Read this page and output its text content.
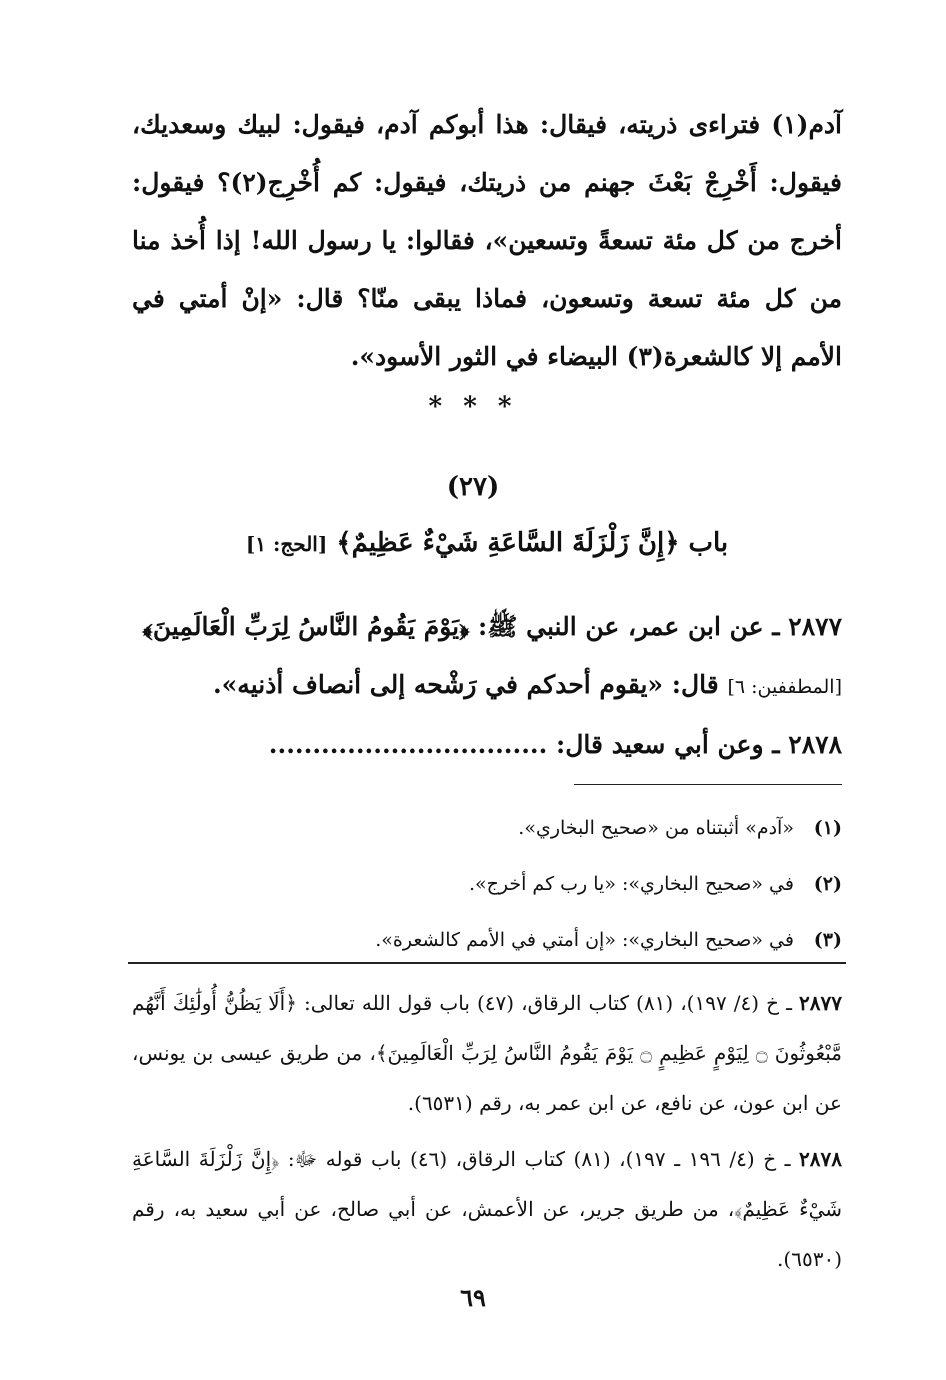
آدم(١) فتراءى ذريته، فيقال: هذا أبوكم آدم، فيقول: لبيك وسعديك، فيقول: أَخْرِجْ بَعْثَ جهنم من ذريتك، فيقول: كم أُخْرِج(٢)؟ فيقول: أخرج من كل مئة تسعةً وتسعين»، فقالوا: يا رسول الله! إذا أُخذ منا من كل مئة تسعة وتسعون، فماذا يبقى منّا؟ قال: «إنْ أمتي في الأمم إلا كالشعرة(٣) البيضاء في الثور الأسود».

* * *
(٢٧)
باب ﴿إِنَّ زَلْزَلَةَ السَّاعَةِ شَيْءٌ عَظِيمٌ﴾ [الحج: ١]

٢٨٧٧ ـ عن ابن عمر، عن النبي ﷺ: ﴿يَوْمَ يَقُومُ النَّاسُ لِرَبِّ الْعَالَمِينَ﴾

[المطففين: ٦] قال: «يقوم أحدكم في رَشْحه إلى أنصاف أذنيه».

٢٨٧٨ ـ وعن أبي سعيد قال: ................................

(١) «آدم» أثبتناه من «صحيح البخاري».

(٢) في «صحيح البخاري»: «يا رب كم أخرج».

(٣) في «صحيح البخاري»: «إن أمتي في الأمم كالشعرة».

٢٨٧٧ ـ خ (٤/ ١٩٧)، (٨١) كتاب الرقاق، (٤٧) باب قول الله تعالى: ﴿أَلَا يَظُنُّ أُولَٰئِكَ أَنَّهُم مَّبْعُوثُونَ ۝ لِيَوْمٍ عَظِيمٍ ۝ يَوْمَ يَقُومُ النَّاسُ لِرَبِّ الْعَالَمِينَ﴾، من طريق عيسى بن يونس، عن ابن عون، عن نافع، عن ابن عمر به، رقم (٦٥٣١).

٢٨٧٨ ـ خ (٤/ ١٩٦ ـ ١٩٧)، (٨١) كتاب الرقاق، (٤٦) باب قوله ﷻ: ﴿إِنَّ زَلْزَلَةَ السَّاعَةِ شَيْءٌ عَظِيمٌ﴾، من طريق جرير، عن الأعمش، عن أبي صالح، عن أبي سعيد به، رقم (٦٥٣٠).

٦٩
